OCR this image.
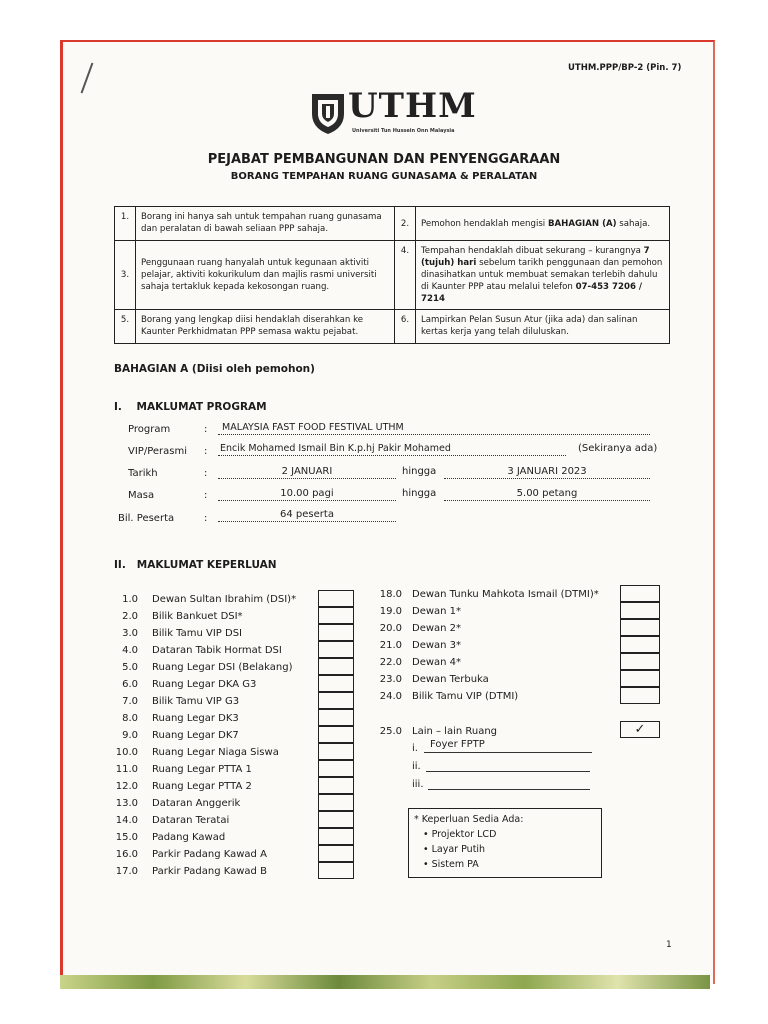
UTHM.PPP/BP-2 (Pin. 7)
UTHM
Universiti Tun Hussein Onn Malaysia
PEJABAT PEMBANGUNAN DAN PENYENGGARAAN
BORANG TEMPAHAN RUANG GUNASAMA & PERALATAN
1.	Borang ini hanya sah untuk tempahan ruang gunasama dan peralatan di bawah seliaan PPP sahaja.	2.	Pemohon hendaklah mengisi BAHAGIAN (A) sahaja.
3.	Penggunaan ruang hanyalah untuk kegunaan aktiviti pelajar, aktiviti kokurikulum dan majlis rasmi universiti sahaja tertakluk kepada kekosongan ruang.	4.	Tempahan hendaklah dibuat sekurang – kurangnya 7 (tujuh) hari sebelum tarikh penggunaan dan pemohon dinasihatkan untuk membuat semakan terlebih dahulu di Kaunter PPP atau melalui telefon 07-453 7206 / 7214
5.	Borang yang lengkap diisi hendaklah diserahkan ke Kaunter Perkhidmatan PPP semasa waktu pejabat.	6.	Lampirkan Pelan Susun Atur (jika ada) dan salinan kertas kerja yang telah diluluskan.
BAHAGIAN A (Diisi oleh pemohon)
I.    MAKLUMAT PROGRAM
Program	:	MALAYSIA FAST FOOD FESTIVAL UTHM
VIP/Perasmi : Encik Mohamed Ismail Bin K.p.hj Pakir Mohamed	(Sekiranya ada)
Tarikh	:	2 JANUARI	hingga	3 JANUARI 2023
Masa	:	10.00 pagi	hingga	5.00 petang
Bil. Peserta	:	64 peserta
II.   MAKLUMAT KEPERLUAN
1.0 Dewan Sultan Ibrahim (DSI)*
2.0 Bilik Bankuet DSI*
3.0 Bilik Tamu VIP DSI
4.0 Dataran Tabik Hormat DSI
5.0 Ruang Legar DSI (Belakang)
6.0 Ruang Legar DKA G3
7.0 Bilik Tamu VIP G3
8.0 Ruang Legar DK3
9.0 Ruang Legar DK7
10.0 Ruang Legar Niaga Siswa
11.0 Ruang Legar PTTA 1
12.0 Ruang Legar PTTA 2
13.0 Dataran Anggerik
14.0 Dataran Teratai
15.0 Padang Kawad
16.0 Parkir Padang Kawad A
17.0 Parkir Padang Kawad B
18.0 Dewan Tunku Mahkota Ismail (DTMI)*
19.0 Dewan 1*
20.0 Dewan 2*
21.0 Dewan 3*
22.0 Dewan 4*
23.0 Dewan Terbuka
24.0 Bilik Tamu VIP (DTMI)
25.0 Lain – lain Ruang	✓
i.	Foyer FPTP
ii.
iii.
* Keperluan Sedia Ada:
• Projektor LCD
• Layar Putih
• Sistem PA
1
